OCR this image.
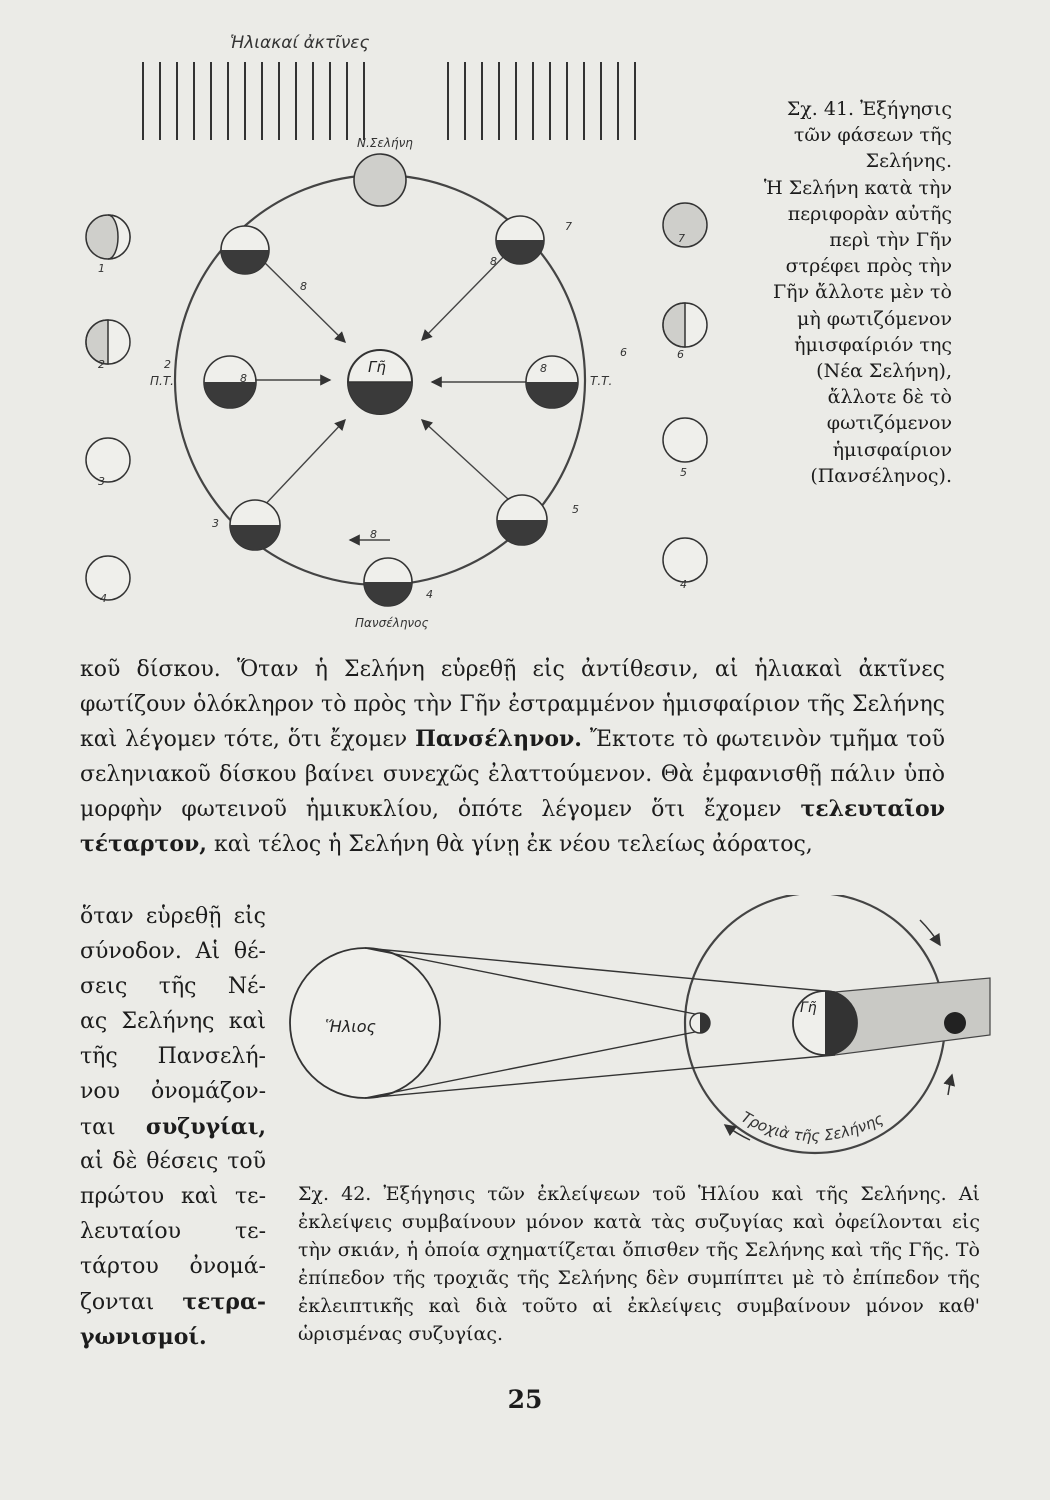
Ἡλιακαί ἀκτῖνες
N.Σελήνη
Γῆ
Πανσέληνος
Π.Τ.	Τ.Τ.
1
2	2
3
3
4	4
4
5
5
6	6
7
7
8
8
8
8
8

Σχ. 41. Ἐξήγησις τῶν φάσεων τῆς Σελήνης.
Ἡ Σελήνη κατὰ τὴν περιφορὰν αὐτῆς περὶ τὴν Γῆν στρέφει πρὸς τὴν Γῆν ἄλλοτε μὲν τὸ μὴ φωτιζόμενον ἡμισφαίριόν της (Νέα Σελήνη), ἄλλοτε δὲ τὸ φωτιζόμενον ἡμισφαίριον (Πανσέληνος).

κοῦ δίσκου. Ὅταν ἡ Σελήνη εὑρεθῇ εἰς ἀντίθεσιν, αἱ ἡλιακαὶ ἀκτῖνες φωτίζουν ὁλόκληρον τὸ πρὸς τὴν Γῆν ἐστραμμένον ἡμισφαίριον τῆς Σελήνης καὶ λέγομεν τότε, ὅτι ἔχομεν Πανσέληνον. Ἔκτοτε τὸ φωτεινὸν τμῆμα τοῦ σεληνιακοῦ δίσκου βαίνει συνεχῶς ἐλαττούμενον. Θὰ ἐμφανισθῇ πάλιν ὑπὸ μορφὴν φωτεινοῦ ἡμικυκλίου, ὁπότε λέγομεν ὅτι ἔχομεν τελευταῖον τέταρτον, καὶ τέλος ἡ Σελήνη θὰ γίνῃ ἐκ νέου τελείως ἀόρατος,

ὅταν εὑρεθῇ εἰς
σύνοδον. Αἱ θέ-
σεις τῆς Νέ-
ας Σελήνης καὶ
τῆς Πανσελή-
νου ὀνομάζον-
ται συζυγίαι,
αἱ δὲ θέσεις τοῦ
πρώτου καὶ τε-
λευταίου τε-
τάρτου ὀνομά-
ζονται τετρα-
γωνισμοί.
Ἥλιος
Γῆ
Τροχιὰ τῆς Σελήνης

Σχ. 42. Ἐξήγησις τῶν ἐκλείψεων τοῦ Ἡλίου καὶ τῆς Σελήνης. Αἱ ἐκλείψεις συμβαίνουν μόνον κατὰ τὰς συζυγίας καὶ ὀφείλονται εἰς τὴν σκιάν, ἡ ὁποία σχηματίζεται ὄπισθεν τῆς Σελήνης καὶ τῆς Γῆς. Τὸ ἐπίπεδον τῆς τροχιᾶς τῆς Σελήνης δὲν συμπίπτει μὲ τὸ ἐπίπεδον τῆς ἐκλειπτικῆς καὶ διὰ τοῦτο αἱ ἐκλείψεις συμβαίνουν μόνον καθ' ὡρισμένας συζυγίας.

25
